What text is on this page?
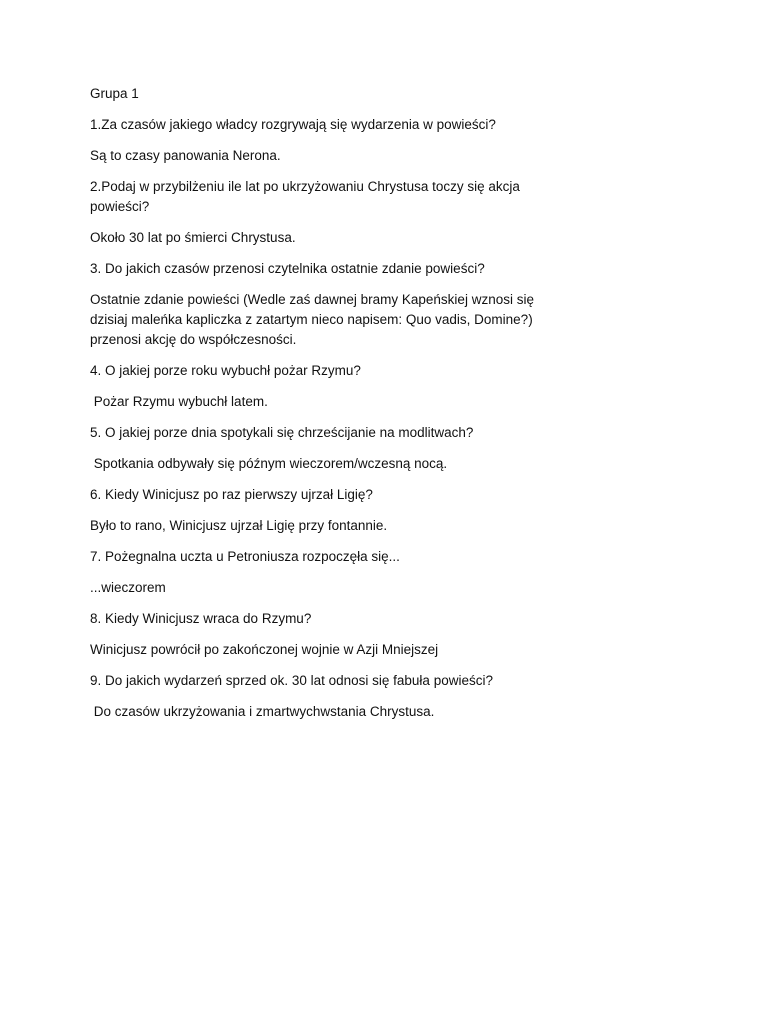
Grupa 1

1.Za czasów jakiego władcy rozgrywają się wydarzenia w powieści?

Są to czasy panowania Nerona.

2.Podaj w przybilżeniu ile lat po ukrzyżowaniu Chrystusa toczy się akcja powieści?

Około 30 lat po śmierci Chrystusa.

3. Do jakich czasów przenosi czytelnika ostatnie zdanie powieści?

Ostatnie zdanie powieści (Wedle zaś dawnej bramy Kapeńskiej wznosi się dzisiaj maleńka kapliczka z zatartym nieco napisem: Quo vadis, Domine?) przenosi akcję do współczesności.

4. O jakiej porze roku wybuchł pożar Rzymu?

Pożar Rzymu wybuchł latem.

5. O jakiej porze dnia spotykali się chrześcijanie na modlitwach?

Spotkania odbywały się późnym wieczorem/wczesną nocą.

6. Kiedy Winicjusz po raz pierwszy ujrzał Ligię?

Było to rano, Winicjusz ujrzał Ligię przy fontannie.

7. Pożegnalna uczta u Petroniusza rozpoczęła się...

...wieczorem

8. Kiedy Winicjusz wraca do Rzymu?

Winicjusz powrócił po zakończonej wojnie w Azji Mniejszej

9. Do jakich wydarzeń sprzed ok. 30 lat odnosi się fabuła powieści?

Do czasów ukrzyżowania i zmartwychwstania Chrystusa.
